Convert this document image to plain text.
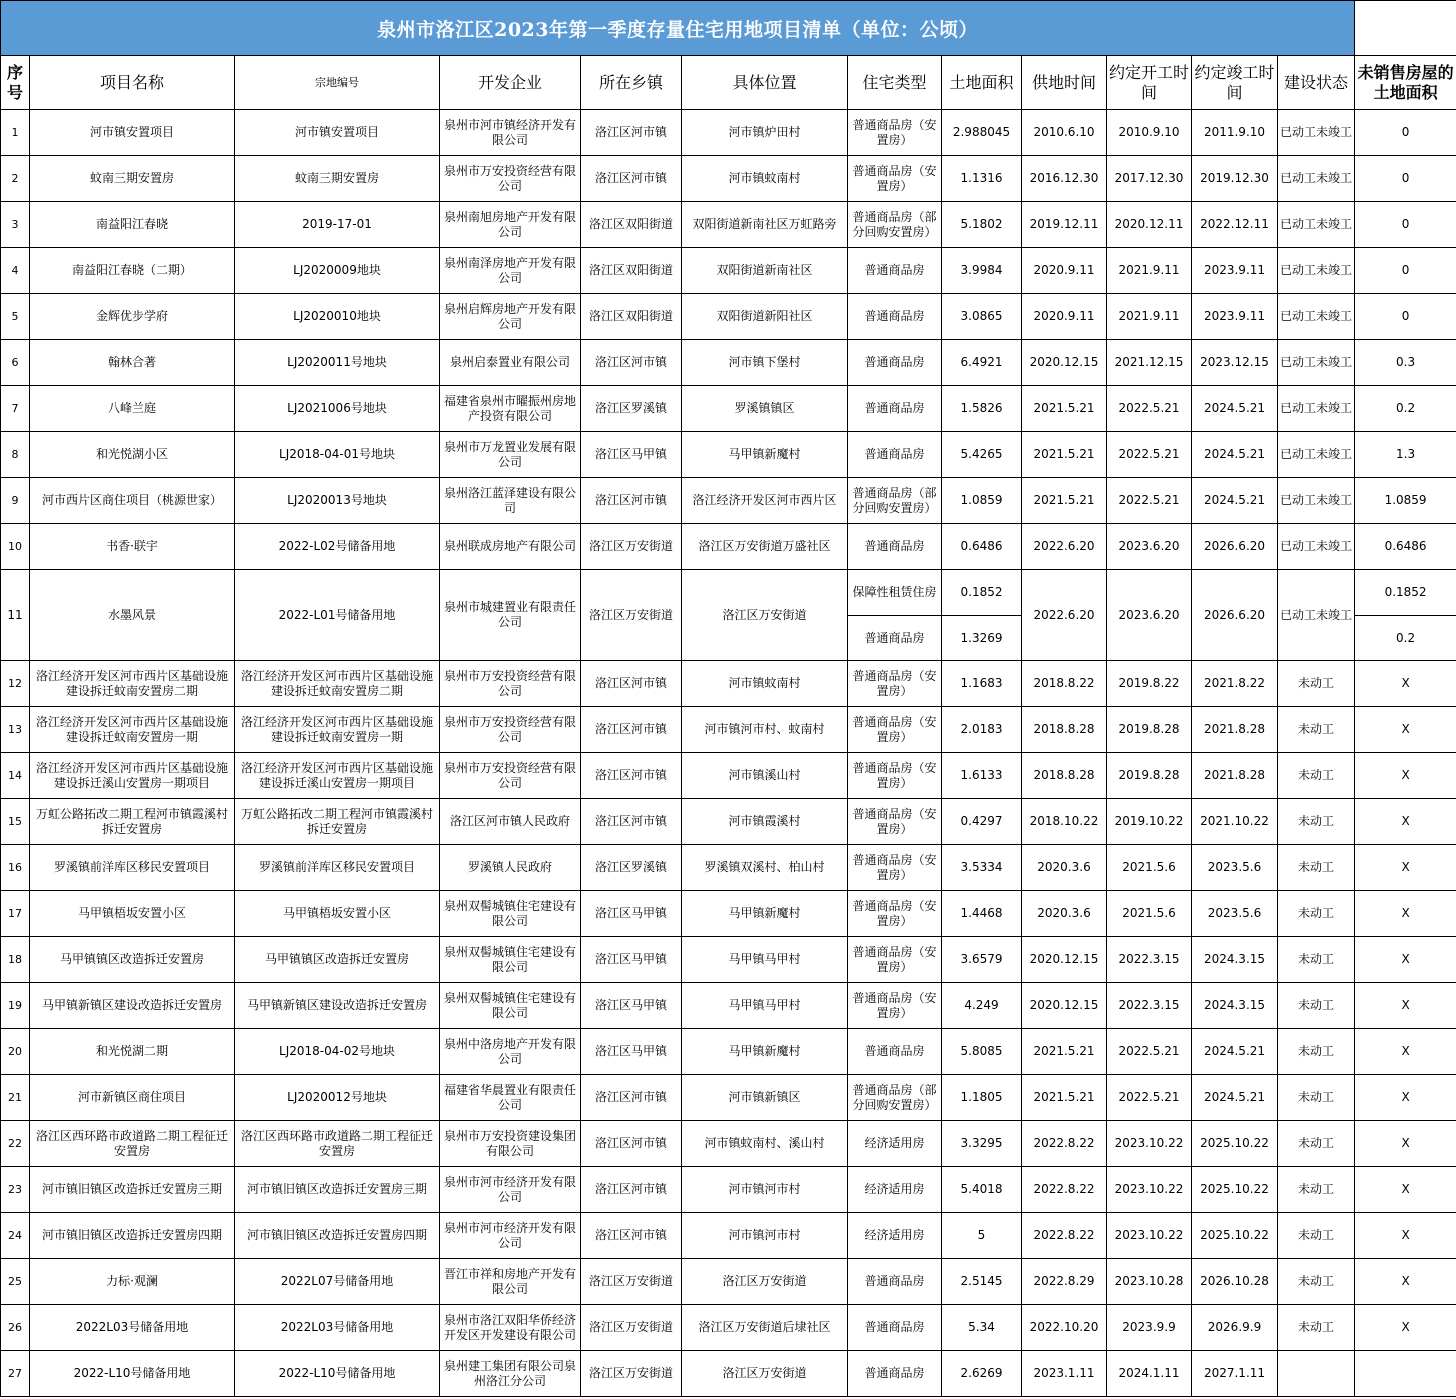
泉州市洛江区2023年第一季度存量住宅用地项目清单（单位：公顷）												
序号	项目名称	宗地编号	开发企业	所在乡镇	具体位置	住宅类型	土地面积	供地时间	约定开工时间	约定竣工时间	建设状态	未销售房屋的土地面积
1	河市镇安置项目	河市镇安置项目	泉州市河市镇经济开发有限公司	洛江区河市镇	河市镇炉田村	普通商品房（安置房）	2.988045	2010.6.10	2010.9.10	2011.9.10	已动工未竣工	0
2	蚊南三期安置房	蚊南三期安置房	泉州市万安投资经营有限公司	洛江区河市镇	河市镇蚊南村	普通商品房（安置房）	1.1316	2016.12.30	2017.12.30	2019.12.30	已动工未竣工	0
3	南益阳江春晓	2019-17-01	泉州南旭房地产开发有限公司	洛江区双阳街道	双阳街道新南社区万虹路旁	普通商品房（部分回购安置房）	5.1802	2019.12.11	2020.12.11	2022.12.11	已动工未竣工	0
4	南益阳江春晓（二期）	LJ2020009地块	泉州南泽房地产开发有限公司	洛江区双阳街道	双阳街道新南社区	普通商品房	3.9984	2020.9.11	2021.9.11	2023.9.11	已动工未竣工	0
5	金辉优步学府	LJ2020010地块	泉州启辉房地产开发有限公司	洛江区双阳街道	双阳街道新阳社区	普通商品房	3.0865	2020.9.11	2021.9.11	2023.9.11	已动工未竣工	0
6	翰林合著	LJ2020011号地块	泉州启泰置业有限公司	洛江区河市镇	河市镇下堡村	普通商品房	6.4921	2020.12.15	2021.12.15	2023.12.15	已动工未竣工	0.3
7	八峰兰庭	LJ2021006号地块	福建省泉州市曜振州房地产投资有限公司	洛江区罗溪镇	罗溪镇镇区	普通商品房	1.5826	2021.5.21	2022.5.21	2024.5.21	已动工未竣工	0.2
8	和光悦湖小区	LJ2018-04-01号地块	泉州市万龙置业发展有限公司	洛江区马甲镇	马甲镇新魔村	普通商品房	5.4265	2021.5.21	2022.5.21	2024.5.21	已动工未竣工	1.3
9	河市西片区商住项目（桃源世家）	LJ2020013号地块	泉州洛江蓝泽建设有限公司	洛江区河市镇	洛江经济开发区河市西片区	普通商品房（部分回购安置房）	1.0859	2021.5.21	2022.5.21	2024.5.21	已动工未竣工	1.0859
10	书香·联宇	2022-L02号储备用地	泉州联成房地产有限公司	洛江区万安街道	洛江区万安街道万盛社区	普通商品房	0.6486	2022.6.20	2023.6.20	2026.6.20	已动工未竣工	0.6486
11	水墨风景	2022-L01号储备用地	泉州市城建置业有限责任公司	洛江区万安街道	洛江区万安街道	保障性租赁住房	0.1852	2022.6.20	2023.6.20	2026.6.20	已动工未竣工	0.1852
						普通商品房	1.3269					0.2
12	洛江经济开发区河市西片区基础设施建设拆迁蚊南安置房二期	洛江经济开发区河市西片区基础设施建设拆迁蚊南安置房二期	泉州市万安投资经营有限公司	洛江区河市镇	河市镇蚊南村	普通商品房（安置房）	1.1683	2018.8.22	2019.8.22	2021.8.22	未动工	X
13	洛江经济开发区河市西片区基础设施建设拆迁蚊南安置房一期	洛江经济开发区河市西片区基础设施建设拆迁蚊南安置房一期	泉州市万安投资经营有限公司	洛江区河市镇	河市镇河市村、蚊南村	普通商品房（安置房）	2.0183	2018.8.28	2019.8.28	2021.8.28	未动工	X
14	洛江经济开发区河市西片区基础设施建设拆迁溪山安置房一期项目	洛江经济开发区河市西片区基础设施建设拆迁溪山安置房一期项目	泉州市万安投资经营有限公司	洛江区河市镇	河市镇溪山村	普通商品房（安置房）	1.6133	2018.8.28	2019.8.28	2021.8.28	未动工	X
15	万虹公路拓改二期工程河市镇霞溪村拆迁安置房	万虹公路拓改二期工程河市镇霞溪村拆迁安置房	洛江区河市镇人民政府	洛江区河市镇	河市镇霞溪村	普通商品房（安置房）	0.4297	2018.10.22	2019.10.22	2021.10.22	未动工	X
16	罗溪镇前洋库区移民安置项目	罗溪镇前洋库区移民安置项目	罗溪镇人民政府	洛江区罗溪镇	罗溪镇双溪村、柏山村	普通商品房（安置房）	3.5334	2020.3.6	2021.5.6	2023.5.6	未动工	X
17	马甲镇梧坂安置小区	马甲镇梧坂安置小区	泉州双髻城镇住宅建设有限公司	洛江区马甲镇	马甲镇新魔村	普通商品房（安置房）	1.4468	2020.3.6	2021.5.6	2023.5.6	未动工	X
18	马甲镇镇区改造拆迁安置房	马甲镇镇区改造拆迁安置房	泉州双髻城镇住宅建设有限公司	洛江区马甲镇	马甲镇马甲村	普通商品房（安置房）	3.6579	2020.12.15	2022.3.15	2024.3.15	未动工	X
19	马甲镇新镇区建设改造拆迁安置房	马甲镇新镇区建设改造拆迁安置房	泉州双髻城镇住宅建设有限公司	洛江区马甲镇	马甲镇马甲村	普通商品房（安置房）	4.249	2020.12.15	2022.3.15	2024.3.15	未动工	X
20	和光悦湖二期	LJ2018-04-02号地块	泉州中洛房地产开发有限公司	洛江区马甲镇	马甲镇新魔村	普通商品房	5.8085	2021.5.21	2022.5.21	2024.5.21	未动工	X
21	河市新镇区商住项目	LJ2020012号地块	福建省华晨置业有限责任公司	洛江区河市镇	河市镇新镇区	普通商品房（部分回购安置房）	1.1805	2021.5.21	2022.5.21	2024.5.21	未动工	X
22	洛江区西环路市政道路二期工程征迁安置房	洛江区西环路市政道路二期工程征迁安置房	泉州市万安投资建设集团有限公司	洛江区河市镇	河市镇蚊南村、溪山村	经济适用房	3.3295	2022.8.22	2023.10.22	2025.10.22	未动工	X
23	河市镇旧镇区改造拆迁安置房三期	河市镇旧镇区改造拆迁安置房三期	泉州市河市经济开发有限公司	洛江区河市镇	河市镇河市村	经济适用房	5.4018	2022.8.22	2023.10.22	2025.10.22	未动工	X
24	河市镇旧镇区改造拆迁安置房四期	河市镇旧镇区改造拆迁安置房四期	泉州市河市经济开发有限公司	洛江区河市镇	河市镇河市村	经济适用房	5	2022.8.22	2023.10.22	2025.10.22	未动工	X
25	力标·观澜	2022L07号储备用地	晋江市祥和房地产开发有限公司	洛江区万安街道	洛江区万安街道	普通商品房	2.5145	2022.8.29	2023.10.28	2026.10.28	未动工	X
26	2022L03号储备用地	2022L03号储备用地	泉州市洛江双阳华侨经济开发区开发建设有限公司	洛江区万安街道	洛江区万安街道后埭社区	普通商品房	5.34	2022.10.20	2023.9.9	2026.9.9	未动工	X
27	2022-L10号储备用地	2022-L10号储备用地	泉州建工集团有限公司泉州洛江分公司	洛江区万安街道	洛江区万安街道	普通商品房	2.6269	2023.1.11	2024.1.11	2027.1.11		
